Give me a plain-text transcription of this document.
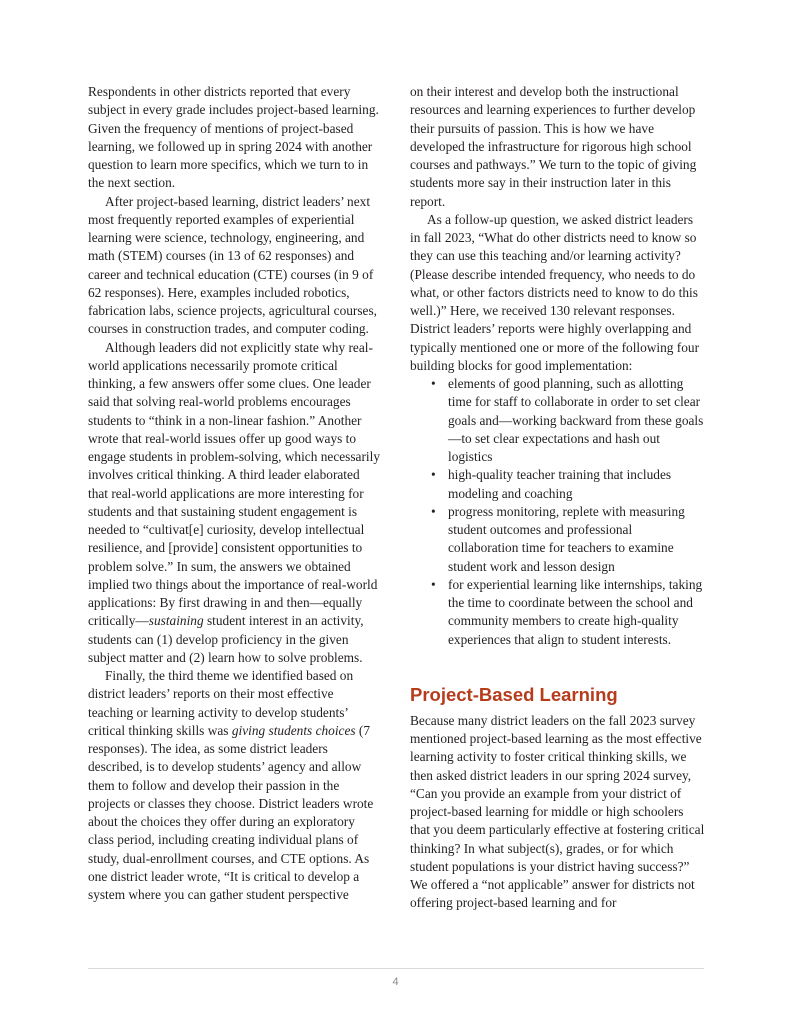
Respondents in other districts reported that every subject in every grade includes project-based learning. Given the frequency of mentions of project-based learning, we followed up in spring 2024 with another question to learn more specifics, which we turn to in the next section.

After project-based learning, district leaders’ next most frequently reported examples of experiential learning were science, technology, engineering, and math (STEM) courses (in 13 of 62 responses) and career and technical education (CTE) courses (in 9 of 62 responses). Here, examples included robotics, fabrication labs, science projects, agricultural courses, courses in construction trades, and computer coding.

Although leaders did not explicitly state why real-world applications necessarily promote critical thinking, a few answers offer some clues. One leader said that solving real-world problems encourages students to “think in a non-linear fashion.” Another wrote that real-world issues offer up good ways to engage students in problem-solving, which necessarily involves critical thinking. A third leader elaborated that real-world applications are more interesting for students and that sustaining student engagement is needed to “cultivat[e] curiosity, develop intellectual resilience, and [provide] consistent opportunities to problem solve.” In sum, the answers we obtained implied two things about the importance of real-world applications: By first drawing in and then—equally critically—sustaining student interest in an activity, students can (1) develop proficiency in the given subject matter and (2) learn how to solve problems.

Finally, the third theme we identified based on district leaders’ reports on their most effective teaching or learning activity to develop students’ critical thinking skills was giving students choices (7 responses). The idea, as some district leaders described, is to develop students’ agency and allow them to follow and develop their passion in the projects or classes they choose. District leaders wrote about the choices they offer during an exploratory class period, including creating individual plans of study, dual-enrollment courses, and CTE options. As one district leader wrote, “It is critical to develop a system where you can gather student perspective

on their interest and develop both the instructional resources and learning experiences to further develop their pursuits of passion. This is how we have developed the infrastructure for rigorous high school courses and pathways.” We turn to the topic of giving students more say in their instruction later in this report.

As a follow-up question, we asked district leaders in fall 2023, “What do other districts need to know so they can use this teaching and/or learning activity? (Please describe intended frequency, who needs to do what, or other factors districts need to know to do this well.)” Here, we received 130 relevant responses. District leaders’ reports were highly overlapping and typically mentioned one or more of the following four building blocks for good implementation:

• elements of good planning, such as allotting time for staff to collaborate in order to set clear goals and—working backward from these goals—to set clear expectations and hash out logistics
• high-quality teacher training that includes modeling and coaching
• progress monitoring, replete with measuring student outcomes and professional collaboration time for teachers to examine student work and lesson design
• for experiential learning like internships, taking the time to coordinate between the school and community members to create high-quality experiences that align to student interests.
Project-Based Learning

Because many district leaders on the fall 2023 survey mentioned project-based learning as the most effective learning activity to foster critical thinking skills, we then asked district leaders in our spring 2024 survey, “Can you provide an example from your district of project-based learning for middle or high schoolers that you deem particularly effective at fostering critical thinking? In what subject(s), grades, or for which student populations is your district having success?” We offered a “not applicable” answer for districts not offering project-based learning and for

4
